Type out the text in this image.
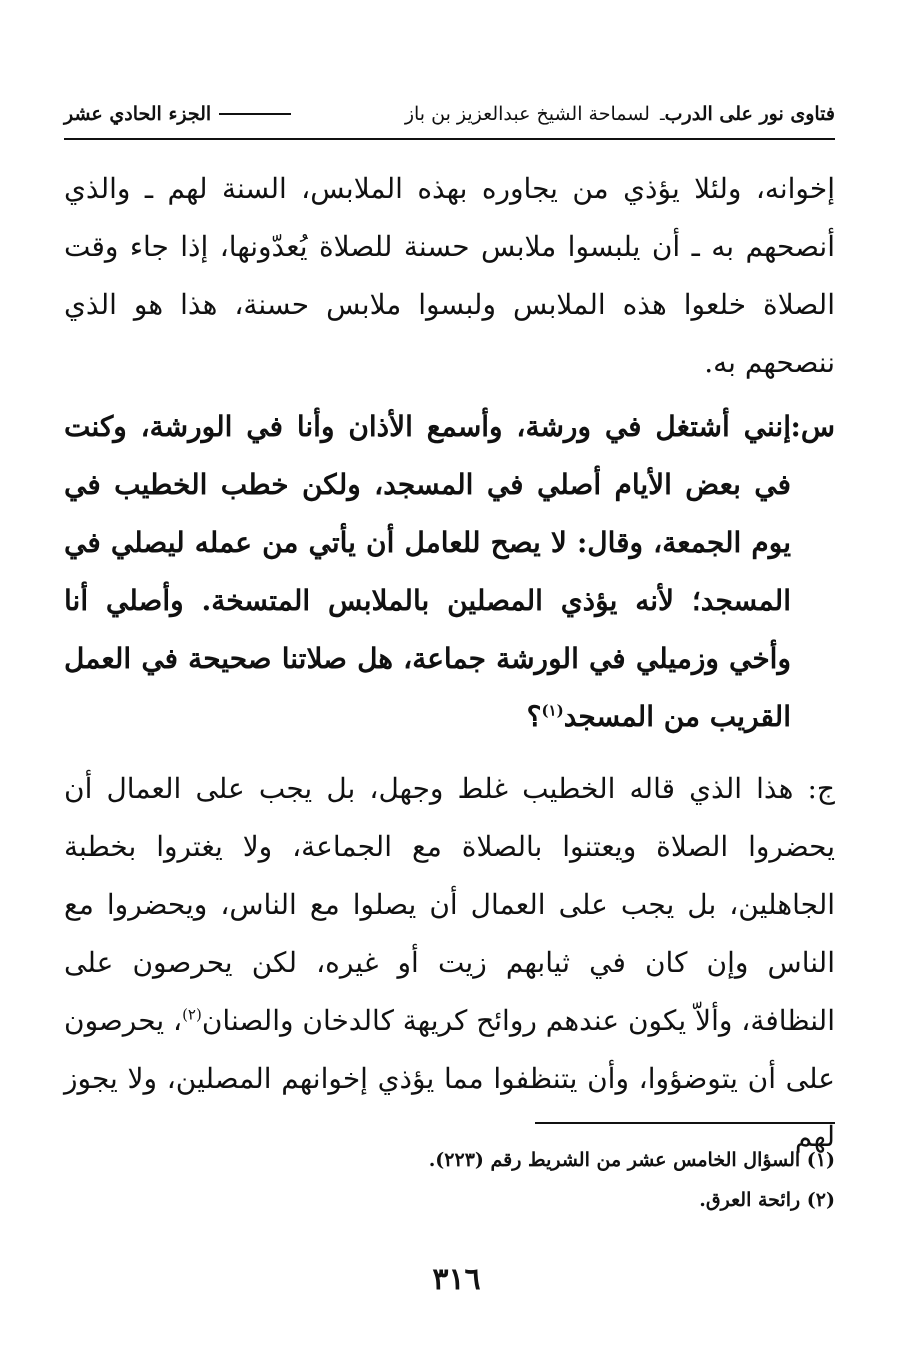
فتاوى نور على الدرب
ـ
لسماحة الشيخ عبدالعزيز بن باز
الجزء الحادي عشر

إخوانه، ولئلا يؤذي من يجاوره بهذه الملابس، السنة لهم ـ والذي أنصحهم به ـ أن يلبسوا ملابس حسنة للصلاة يُعدّونها، إذا جاء وقت الصلاة خلعوا هذه الملابس ولبسوا ملابس حسنة، هذا هو الذي ننصحهم به.

س:
إنني أشتغل في ورشة، وأسمع الأذان وأنا في الورشة، وكنت في بعض الأيام أصلي في المسجد، ولكن خطب الخطيب في يوم الجمعة، وقال: لا يصح للعامل أن يأتي من عمله ليصلي في المسجد؛ لأنه يؤذي المصلين بالملابس المتسخة. وأصلي أنا وأخي وزميلي في الورشة جماعة، هل صلاتنا صحيحة في العمل القريب من المسجد$^{(١)}$؟

ج: هذا الذي قاله الخطيب غلط وجهل، بل يجب على العمال أن يحضروا الصلاة ويعتنوا بالصلاة مع الجماعة، ولا يغتروا بخطبة الجاهلين، بل يجب على العمال أن يصلوا مع الناس، ويحضروا مع الناس وإن كان في ثيابهم زيت أو غيره، لكن يحرصون على النظافة، وألاّ يكون عندهم روائح كريهة كالدخان والصنان$^{(٢)}$، يحرصون على أن يتوضؤوا، وأن يتنظفوا مما يؤذي إخوانهم المصلين، ولا يجوز لهم

(١) السؤال الخامس عشر من الشريط رقم (٢٢٣).
(٢) رائحة العرق.
٣١٦
